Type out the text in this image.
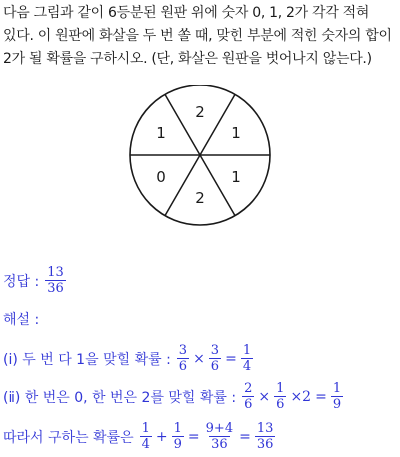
다음 그림과 같이 6등분된 원판 위에 숫자 0, 1, 2가 각각 적혀
있다. 이 원판에 화살을 두 번 쏠 때, 맞힌 부분에 적힌 숫자의 합이
2가 될 확률을 구하시오. (단, 화살은 원판을 벗어나지 않는다.)
2
1
1
2
0
1
정답 : $\frac{13}{36}$
해설 :
(ⅰ) 두 번 다 1을 맞힐 확률 : $\frac{3}{6} \times \frac{3}{6} = \frac{1}{4}$
(ⅱ) 한 번은 0, 한 번은 2를 맞힐 확률 : $\frac{2}{6} \times \frac{1}{6} \times 2 = \frac{1}{9}$
따라서 구하는 확률은 $\frac{1}{4} + \frac{1}{9} = \frac{9+4}{36} = \frac{13}{36}$
